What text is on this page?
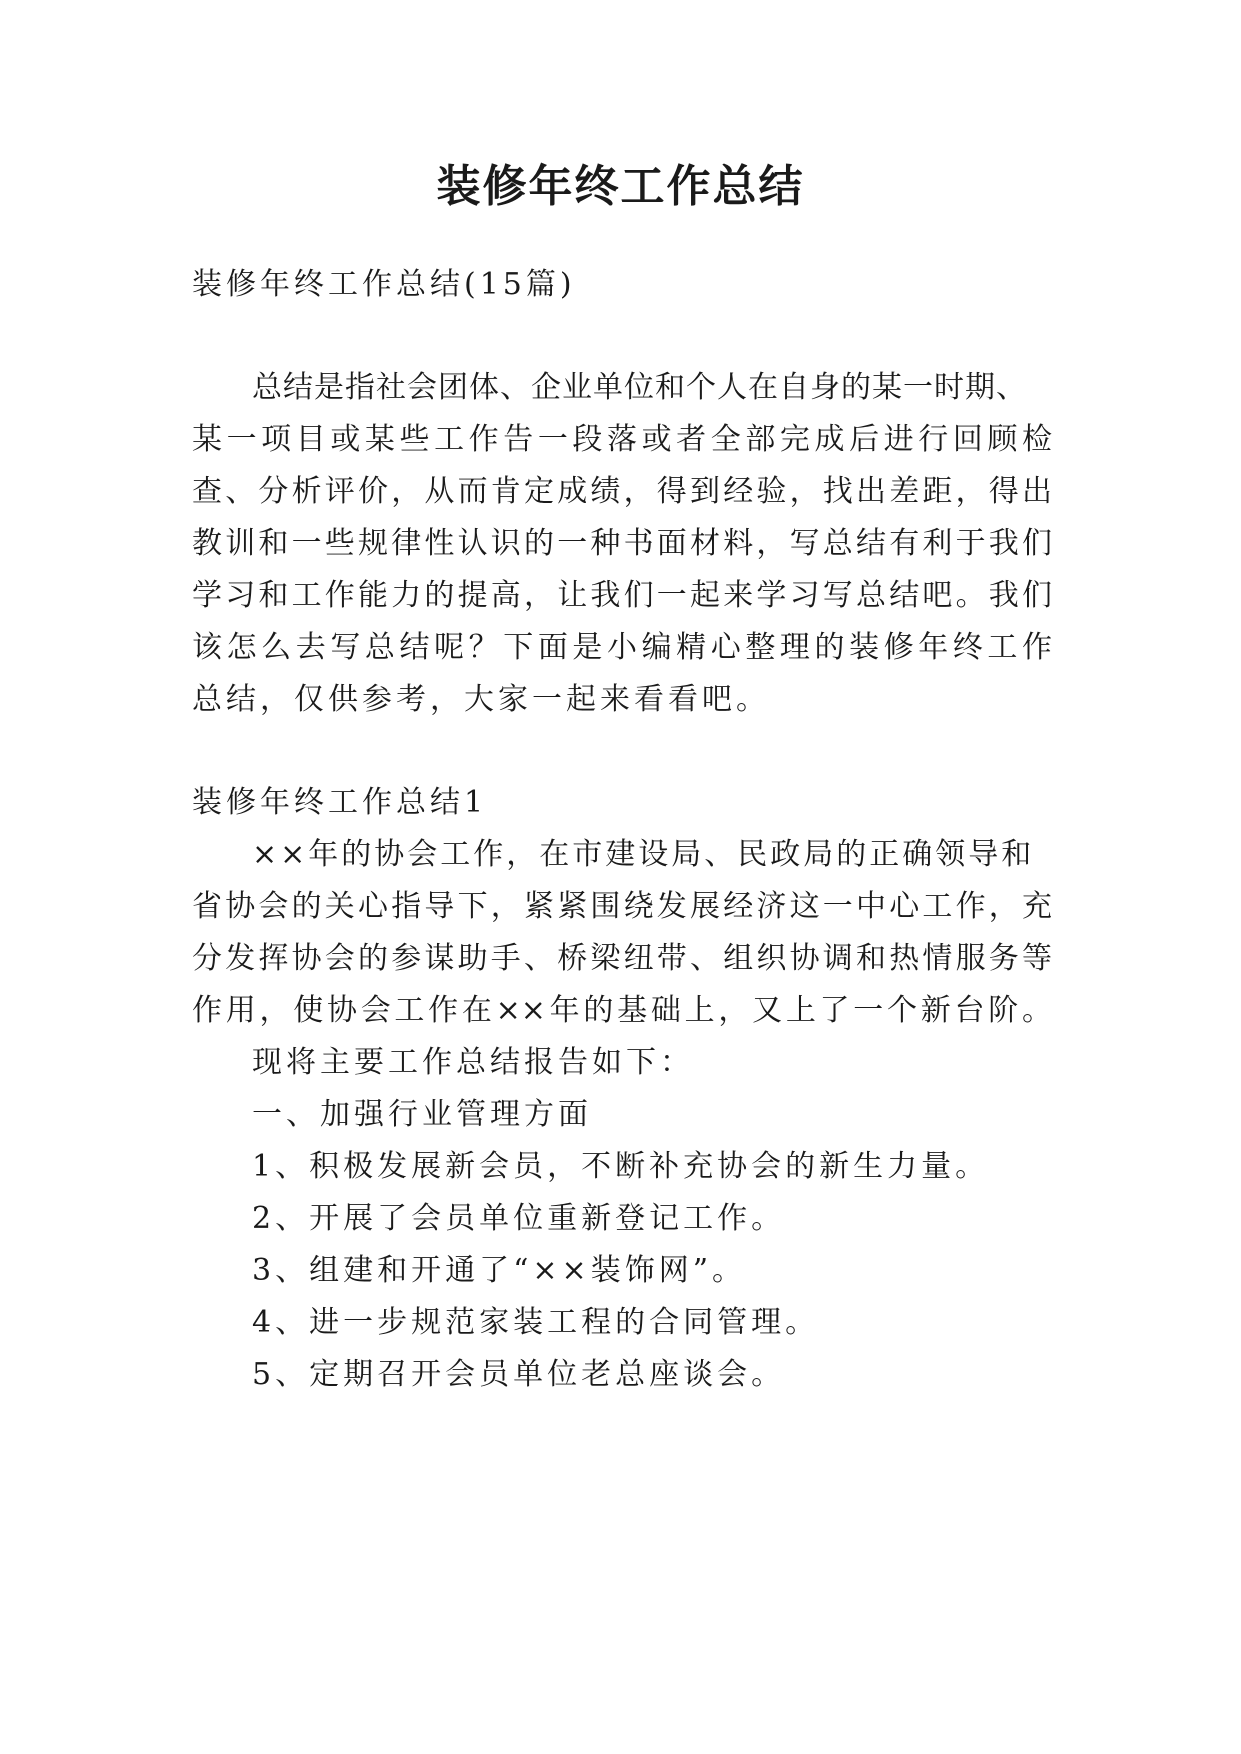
装修年终工作总结
装修年终工作总结(15篇)
总结是指社会团体、企业单位和个人在自身的某一时期、
某一项目或某些工作告一段落或者全部完成后进行回顾检
查、分析评价，从而肯定成绩，得到经验，找出差距，得出
教训和一些规律性认识的一种书面材料，写总结有利于我们
学习和工作能力的提高，让我们一起来学习写总结吧。我们
该怎么去写总结呢？下面是小编精心整理的装修年终工作
总结，仅供参考，大家一起来看看吧。
装修年终工作总结1
××年的协会工作，在市建设局、民政局的正确领导和
省协会的关心指导下，紧紧围绕发展经济这一中心工作，充
分发挥协会的参谋助手、桥梁纽带、组织协调和热情服务等
作用，使协会工作在××年的基础上，又上了一个新台阶。
现将主要工作总结报告如下：
一、加强行业管理方面
1、积极发展新会员，不断补充协会的新生力量。
2、开展了会员单位重新登记工作。
3、组建和开通了“××装饰网”。
4、进一步规范家装工程的合同管理。
5、定期召开会员单位老总座谈会。
